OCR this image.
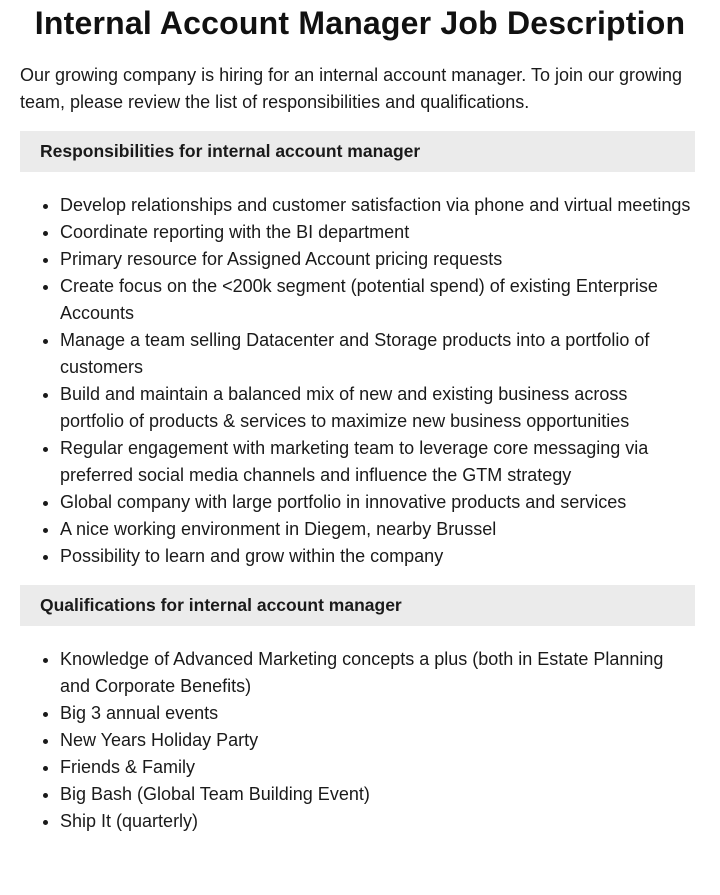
Internal Account Manager Job Description

Our growing company is hiring for an internal account manager. To join our growing team, please review the list of responsibilities and qualifications.

Responsibilities for internal account manager
• Develop relationships and customer satisfaction via phone and virtual meetings
• Coordinate reporting with the BI department
• Primary resource for Assigned Account pricing requests
• Create focus on the <200k segment (potential spend) of existing Enterprise Accounts
• Manage a team selling Datacenter and Storage products into a portfolio of customers
• Build and maintain a balanced mix of new and existing business across portfolio of products & services to maximize new business opportunities
• Regular engagement with marketing team to leverage core messaging via preferred social media channels and influence the GTM strategy
• Global company with large portfolio in innovative products and services
• A nice working environment in Diegem, nearby Brussel
• Possibility to learn and grow within the company
Qualifications for internal account manager
• Knowledge of Advanced Marketing concepts a plus (both in Estate Planning and Corporate Benefits)
• Big 3 annual events
• New Years Holiday Party
• Friends & Family
• Big Bash (Global Team Building Event)
• Ship It (quarterly)
